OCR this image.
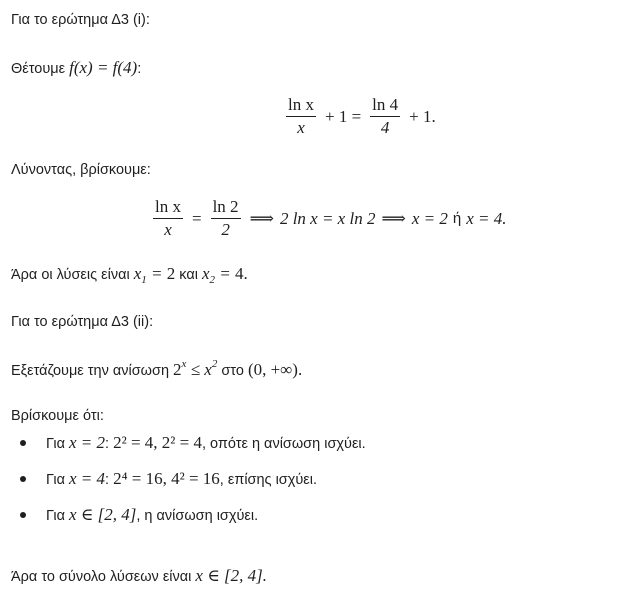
Για το ερώτημα Δ3 (i):
Θέτουμε f(x) = f(4):
$\frac{\text{ln x}}{x} + 1 = \frac{\ln 4}{4} + 1$.
Λύνοντας, βρίσκουμε:
$\frac{\text{ln x}}{x} = \frac{\ln 2}{2}$ ⟹ 2 ln x = x ln 2 ⟹ x = 2 ή x = 4.
Άρα οι λύσεις είναι $x_1 = 2$ και $x_2 = 4$.
Για το ερώτημα Δ3 (ii):
Εξετάζουμε την ανίσωση $2^x \le x^2$ στο (0, +∞).
Βρίσκουμε ότι:
Για x = 2: 2² = 4, 2² = 4, οπότε η ανίσωση ισχύει.
Για x = 4: 2⁴ = 16, 4² = 16, επίσης ισχύει.
Για x ∈ [2, 4], η ανίσωση ισχύει.
Άρα το σύνολο λύσεων είναι x ∈ [2, 4].
